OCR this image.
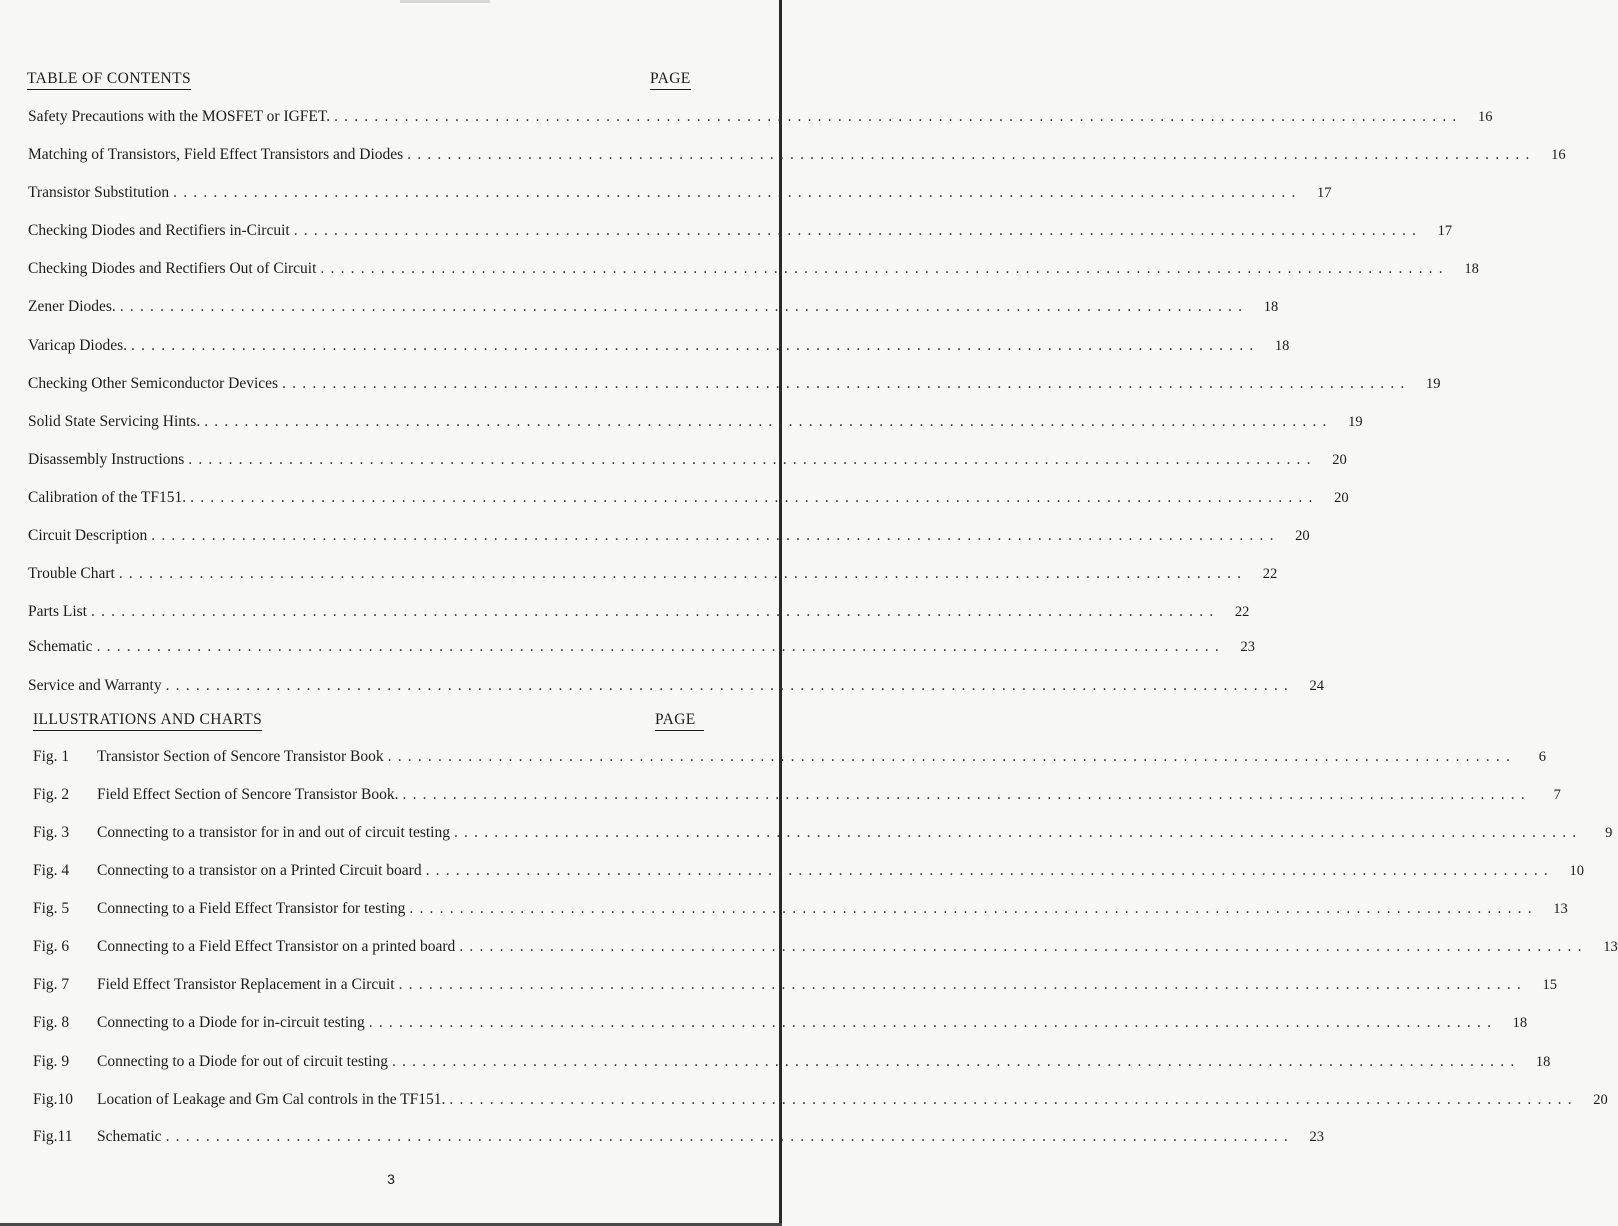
TABLE OF CONTENTS	PAGE
Safety Precautions with the MOSFET or IGFET. ................................................................................................................	16
Matching of Transistors, Field Effect Transistors and Diodes ................................................................................................................	16
Transistor Substitution ................................................................................................................	17
Checking Diodes and Rectifiers in-Circuit ................................................................................................................	17
Checking Diodes and Rectifiers Out of Circuit ................................................................................................................	18
Zener Diodes. ................................................................................................................	18
Varicap Diodes. ................................................................................................................	18
Checking Other Semiconductor Devices ................................................................................................................	19
Solid State Servicing Hints. ................................................................................................................	19
Disassembly Instructions ................................................................................................................	20
Calibration of the TF151. ................................................................................................................	20
Circuit Description ................................................................................................................	20
Trouble Chart ................................................................................................................	22
Parts List ................................................................................................................	22
Schematic ................................................................................................................	23
Service and Warranty ................................................................................................................	24
ILLUSTRATIONS AND CHARTS	PAGE
Fig. 1	Transistor Section of Sencore Transistor Book ................................................................................................................	6
Fig. 2	Field Effect Section of Sencore Transistor Book. ................................................................................................................	7
Fig. 3	Connecting to a transistor for in and out of circuit testing ................................................................................................................	9
Fig. 4	Connecting to a transistor on a Printed Circuit board ................................................................................................................	10
Fig. 5	Connecting to a Field Effect Transistor for testing ................................................................................................................	13
Fig. 6	Connecting to a Field Effect Transistor on a printed board ................................................................................................................	13
Fig. 7	Field Effect Transistor Replacement in a Circuit ................................................................................................................	15
Fig. 8	Connecting to a Diode for in-circuit testing ................................................................................................................	18
Fig. 9	Connecting to a Diode for out of circuit testing ................................................................................................................	18
Fig.10	Location of Leakage and Gm Cal controls in the TF151. ................................................................................................................	20
Fig.11	Schematic ................................................................................................................	23
3
